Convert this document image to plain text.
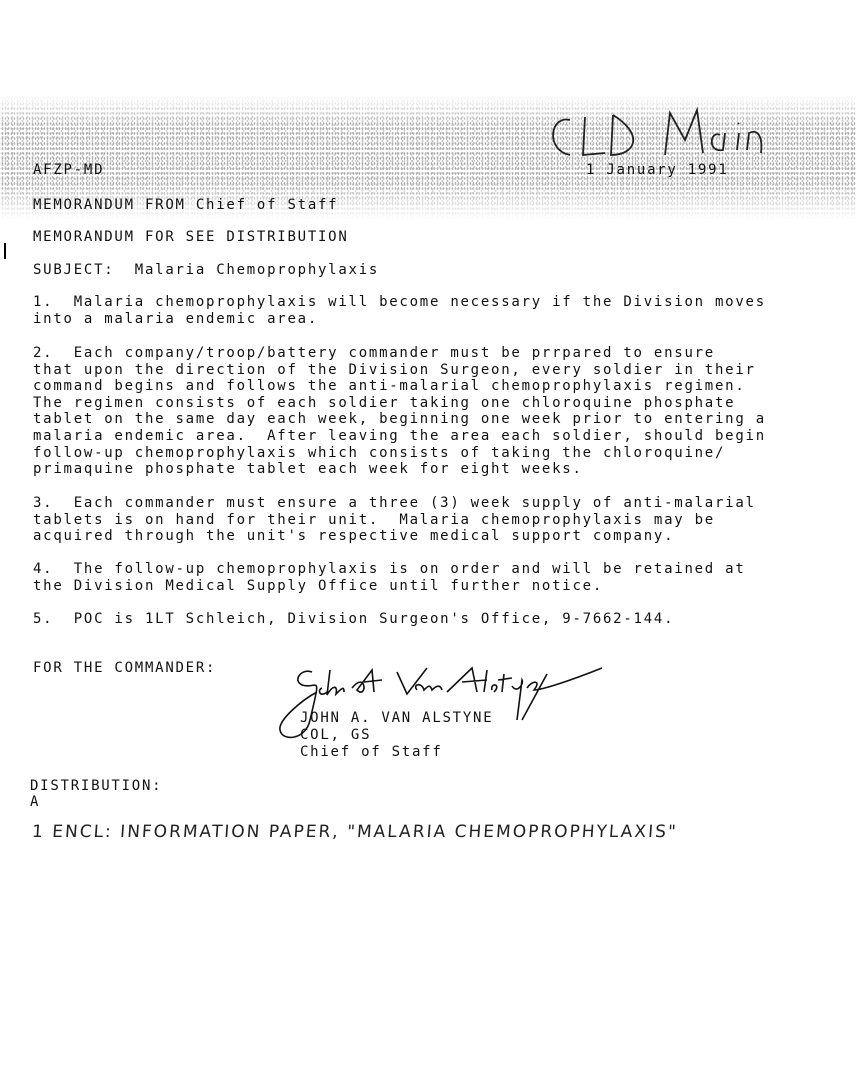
AFZP-MD	1 January 1991
MEMORANDUM FROM Chief of Staff
MEMORANDUM FOR SEE DISTRIBUTION
SUBJECT:  Malaria Chemoprophylaxis
1.  Malaria chemoprophylaxis will become necessary if the Division moves
into a malaria endemic area.
2.  Each company/troop/battery commander must be prrpared to ensure
that upon the direction of the Division Surgeon, every soldier in their
command begins and follows the anti-malarial chemoprophylaxis regimen.
The regimen consists of each soldier taking one chloroquine phosphate
tablet on the same day each week, beginning one week prior to entering a
malaria endemic area.  After leaving the area each soldier, should begin
follow-up chemoprophylaxis which consists of taking the chloroquine/
primaquine phosphate tablet each week for eight weeks.
3.  Each commander must ensure a three (3) week supply of anti-malarial
tablets is on hand for their unit.  Malaria chemoprophylaxis may be
acquired through the unit's respective medical support company.
4.  The follow-up chemoprophylaxis is on order and will be retained at
the Division Medical Supply Office until further notice.
5.  POC is 1LT Schleich, Division Surgeon's Office, 9-7662-144.
FOR THE COMMANDER:
JOHN A. VAN ALSTYNE
COL, GS
Chief of Staff
DISTRIBUTION:
A
1 ENCL: INFORMATION PAPER, "MALARIA CHEMOPROPHYLAXIS"
